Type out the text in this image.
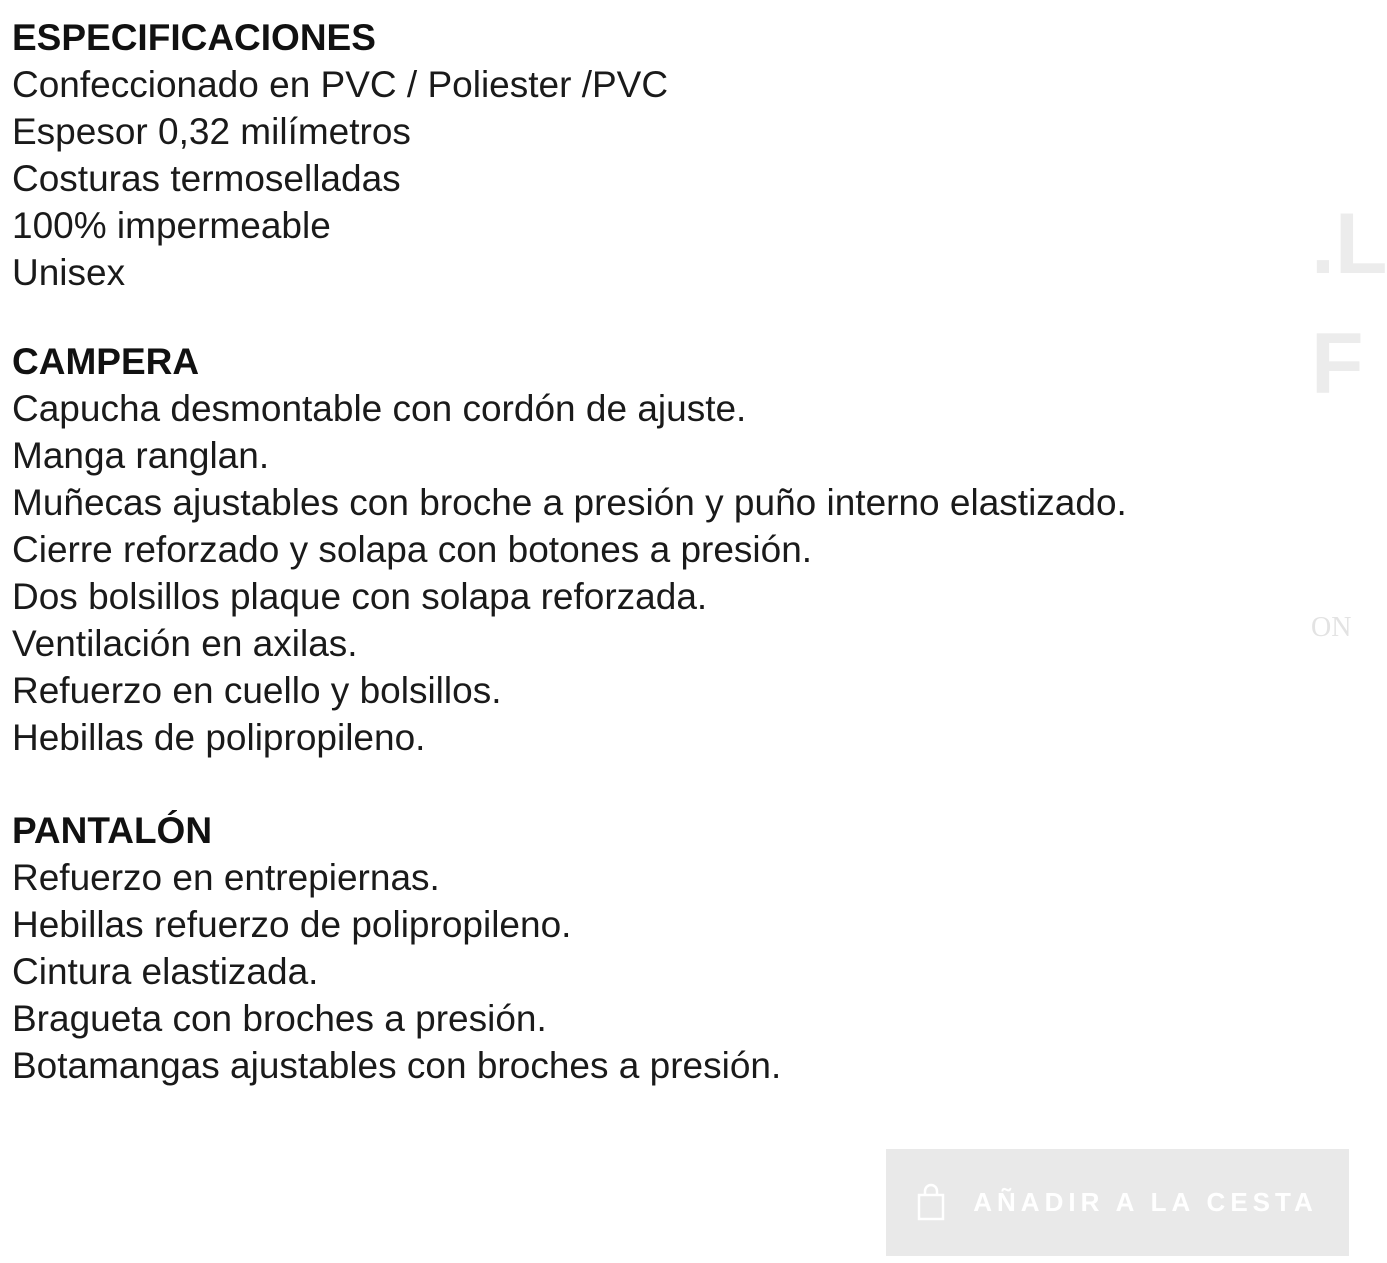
.L
F
ON

ESPECIFICACIONES

Confeccionado en PVC / Poliester /PVC

Espesor 0,32 milímetros

Costuras termoselladas

100% impermeable

Unisex

CAMPERA

Capucha desmontable con cordón de ajuste.

Manga ranglan.

Muñecas ajustables con broche a presión y puño interno elastizado.

Cierre reforzado y solapa con botones a presión.

Dos bolsillos plaque con solapa reforzada.

Ventilación en axilas.

Refuerzo en cuello y bolsillos.

Hebillas de polipropileno.

PANTALÓN

Refuerzo en entrepiernas.

Hebillas refuerzo de polipropileno.

Cintura elastizada.

Bragueta con broches a presión.

Botamangas ajustables con broches a presión.

AÑADIR A LA CESTA
